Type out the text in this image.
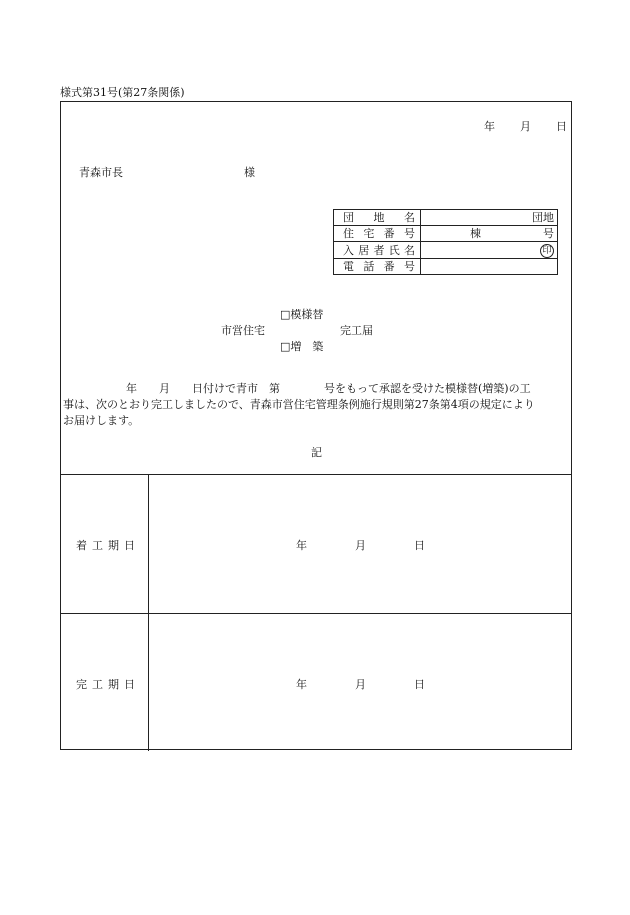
様式第31号(第27条関係)
年 月 日
青森市長	様
団 地 名	団地

住 宅 番 号	棟 号

入 居 者 氏 名	印

電 話 番 号	

□模様替
市営住宅	完工届
□増　築
年　　月　　日付けで青市　第　　　　号をもって承認を受けた模様替(増築)の工
事は、次のとおり完工しましたので、青森市営住宅管理条例施行規則第27条第4項の規定により
お届けします。
記
着工期日	年	月	日
完工期日	年	月	日
